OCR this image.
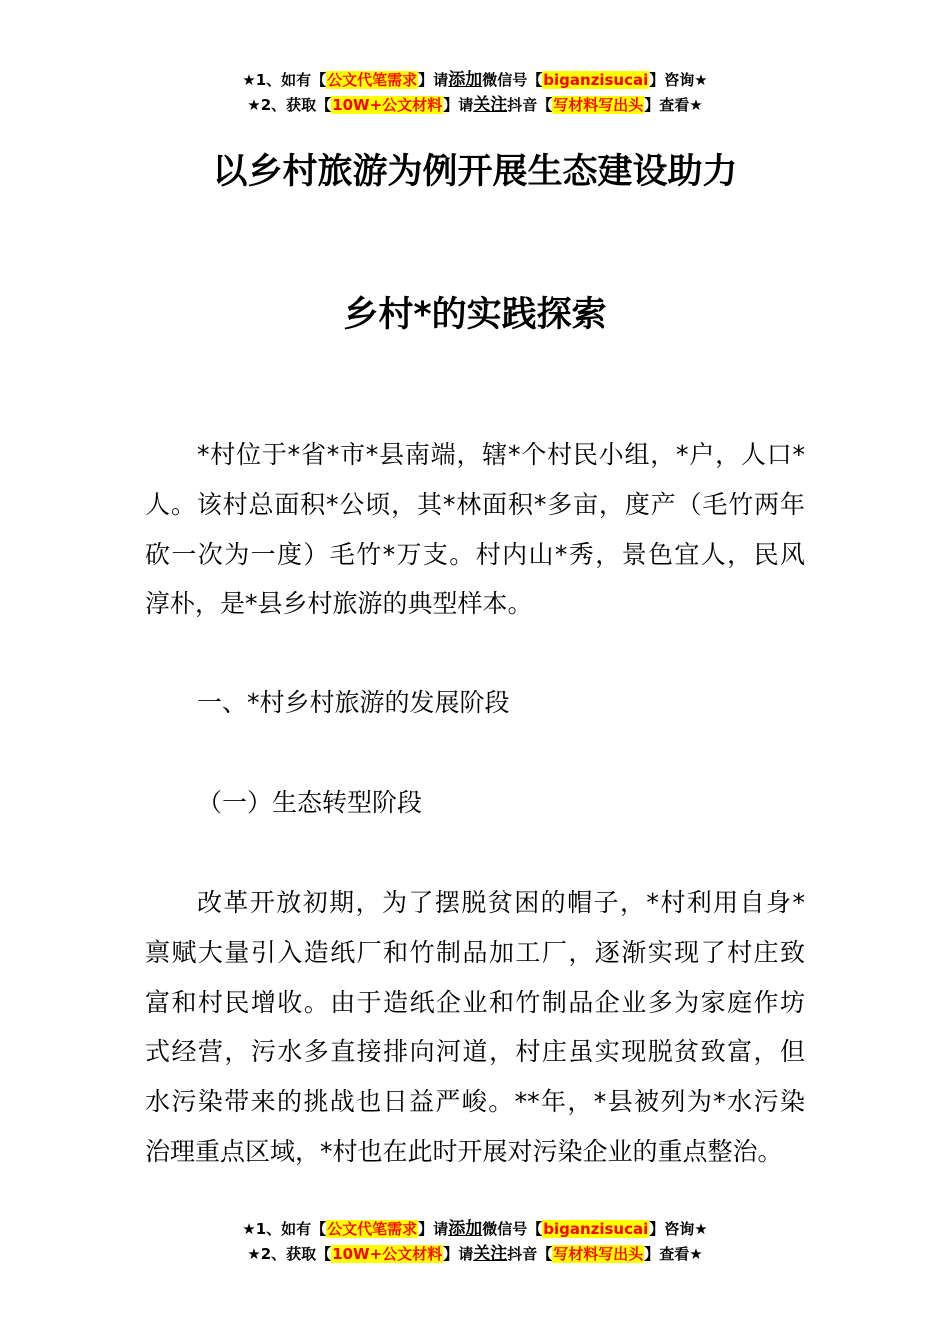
★1、如有【公文代笔需求】请添加微信号【biganzisucai】咨询★
★2、获取【10W+公文材料】请关注抖音【写材料写出头】查看★
以乡村旅游为例开展生态建设助力
乡村*的实践探索
*村位于*省*市*县南端，辖*个村民小组，*户，人口*
人。该村总面积*公顷，其*林面积*多亩，度产（毛竹两年
砍一次为一度）毛竹*万支。村内山*秀，景色宜人，民风
淳朴，是*县乡村旅游的典型样本。
一、*村乡村旅游的发展阶段
（一）生态转型阶段
改革开放初期，为了摆脱贫困的帽子，*村利用自身*
禀赋大量引入造纸厂和竹制品加工厂，逐渐实现了村庄致
富和村民增收。由于造纸企业和竹制品企业多为家庭作坊
式经营，污水多直接排向河道，村庄虽实现脱贫致富，但
水污染带来的挑战也日益严峻。**年，*县被列为*水污染
治理重点区域，*村也在此时开展对污染企业的重点整治。
★1、如有【公文代笔需求】请添加微信号【biganzisucai】咨询★
★2、获取【10W+公文材料】请关注抖音【写材料写出头】查看★
